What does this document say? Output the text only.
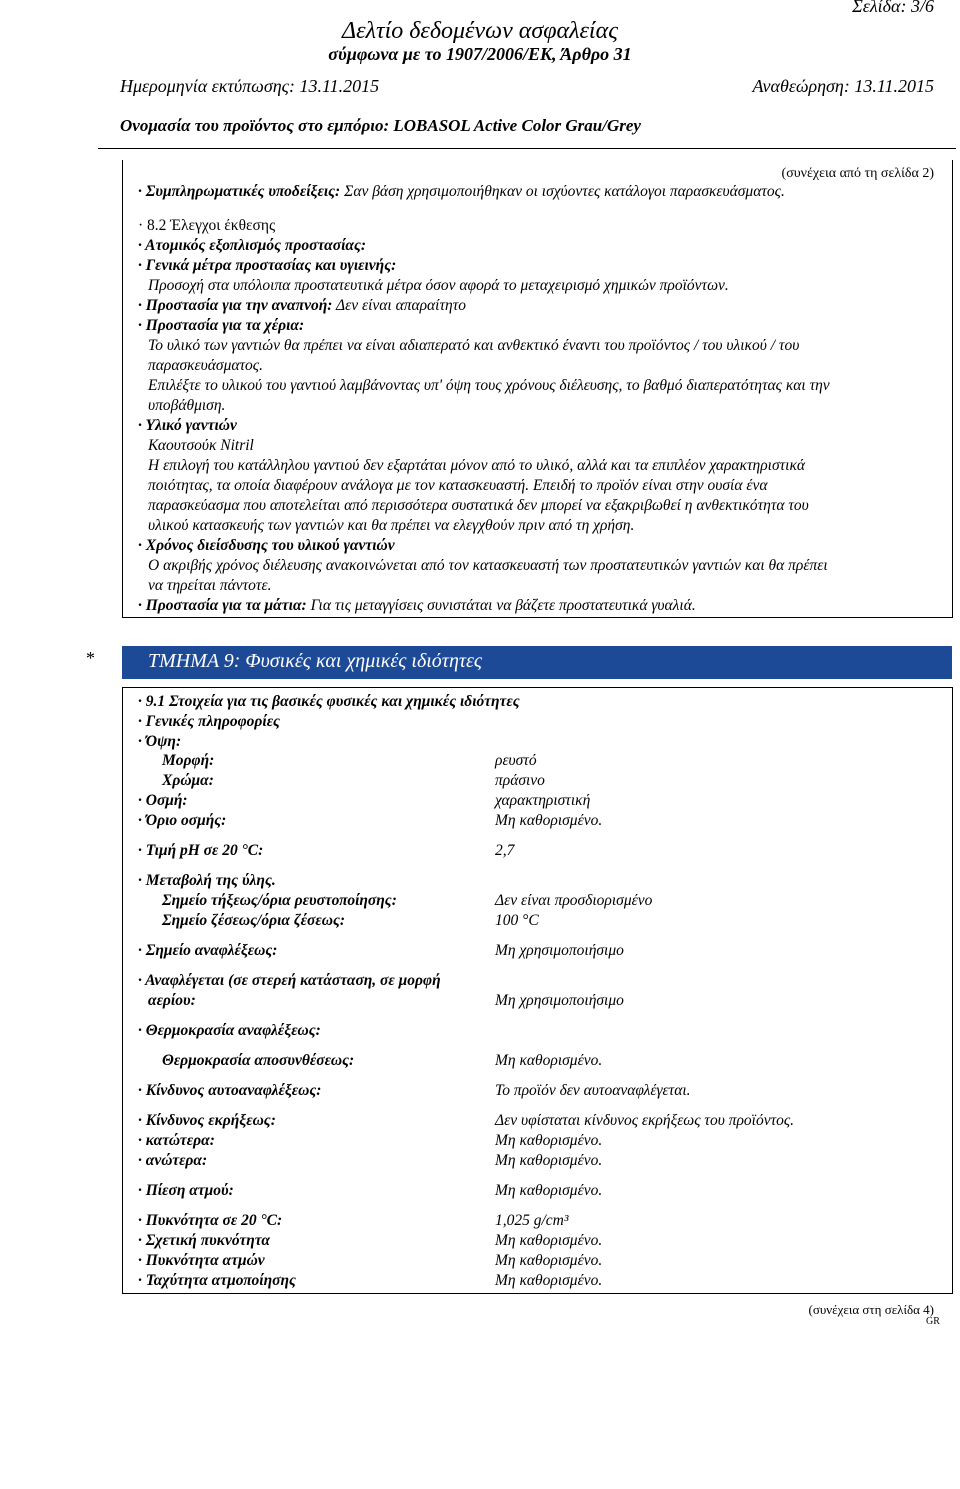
Σελίδα: 3/6
Δελτίο δεδομένων ασφαλείας
σύμφωνα με το 1907/2006/ΕΚ, Άρθρο 31
Ημερομηνία εκτύπωσης: 13.11.2015	Αναθεώρηση: 13.11.2015
Ονομασία του προϊόντος στο εμπόριο: LOBASOL Active Color Grau/Grey
(συνέχεια από τη σελίδα 2)
· Συμπληρωματικές υποδείξεις: Σαν βάση χρησιμοποιήθηκαν οι ισχύοντες κατάλογοι παρασκευάσματος.
· 8.2 Έλεγχοι έκθεσης
· Ατομικός εξοπλισμός προστασίας:
· Γενικά μέτρα προστασίας και υγιεινής:
Προσοχή στα υπόλοιπα προστατευτικά μέτρα όσον αφορά το μεταχειρισμό χημικών προϊόντων.
· Προστασία για την αναπνοή: Δεν είναι απαραίτητο
· Προστασία για τα χέρια:
Το υλικό των γαντιών θα πρέπει να είναι αδιαπερατό και ανθεκτικό έναντι του προϊόντος / του υλικού / του
παρασκευάσματος.
Επιλέξτε το υλικού του γαντιού λαμβάνοντας υπ' όψη τους χρόνους διέλευσης, το βαθμό διαπερατότητας και την
υποβάθμιση.
· Υλικό γαντιών
Καουτσούκ Nitril
Η επιλογή του κατάλληλου γαντιού δεν εξαρτάται μόνον από το υλικό, αλλά και τα επιπλέον χαρακτηριστικά
ποιότητας, τα οποία διαφέρουν ανάλογα με τον κατασκευαστή. Επειδή το προϊόν είναι στην ουσία ένα
παρασκεύασμα που αποτελείται από περισσότερα συστατικά δεν μπορεί να εξακριβωθεί η ανθεκτικότητα του
υλικού κατασκευής των γαντιών και θα πρέπει να ελεγχθούν πριν από τη χρήση.
· Χρόνος διείσδυσης του υλικού γαντιών
Ο ακριβής χρόνος διέλευσης ανακοινώνεται από τον κατασκευαστή των προστατευτικών γαντιών και θα πρέπει
να τηρείται πάντοτε.
· Προστασία για τα μάτια: Για τις μεταγγίσεις συνιστάται να βάζετε προστατευτικά γυαλιά.
*	ΤΜΗΜΑ 9: Φυσικές και χημικές ιδιότητες
· 9.1 Στοιχεία για τις βασικές φυσικές και χημικές ιδιότητες
· Γενικές πληροφορίες
· Όψη:
Μορφή:	ρευστό
Χρώμα:	πράσινο
· Οσμή:	χαρακτηριστική
· Όριο οσμής:	Μη καθορισμένο.
· Τιμή pH σε 20 °C:	2,7
· Μεταβολή της ύλης.
Σημείο τήξεως/όρια ρευστοποίησης:	Δεν είναι προσδιορισμένο
Σημείο ζέσεως/όρια ζέσεως:	100 °C
· Σημείο αναφλέξεως:	Μη χρησιμοποιήσιμο
· Αναφλέγεται (σε στερεή κατάσταση, σε μορφή
αερίου:	Μη χρησιμοποιήσιμο
· Θερμοκρασία αναφλέξεως:
Θερμοκρασία αποσυνθέσεως:	Μη καθορισμένο.
· Κίνδυνος αυτοαναφλέξεως:	Το προϊόν δεν αυτοαναφλέγεται.
· Κίνδυνος εκρήξεως:	Δεν υφίσταται κίνδυνος εκρήξεως του προϊόντος.
· κατώτερα:	Μη καθορισμένο.
· ανώτερα:	Μη καθορισμένο.
· Πίεση ατμού:	Μη καθορισμένο.
· Πυκνότητα σε 20 °C:	1,025 g/cm³
· Σχετική πυκνότητα	Μη καθορισμένο.
· Πυκνότητα ατμών	Μη καθορισμένο.
· Ταχύτητα ατμοποίησης	Μη καθορισμένο.
(συνέχεια στη σελίδα 4)
GR
